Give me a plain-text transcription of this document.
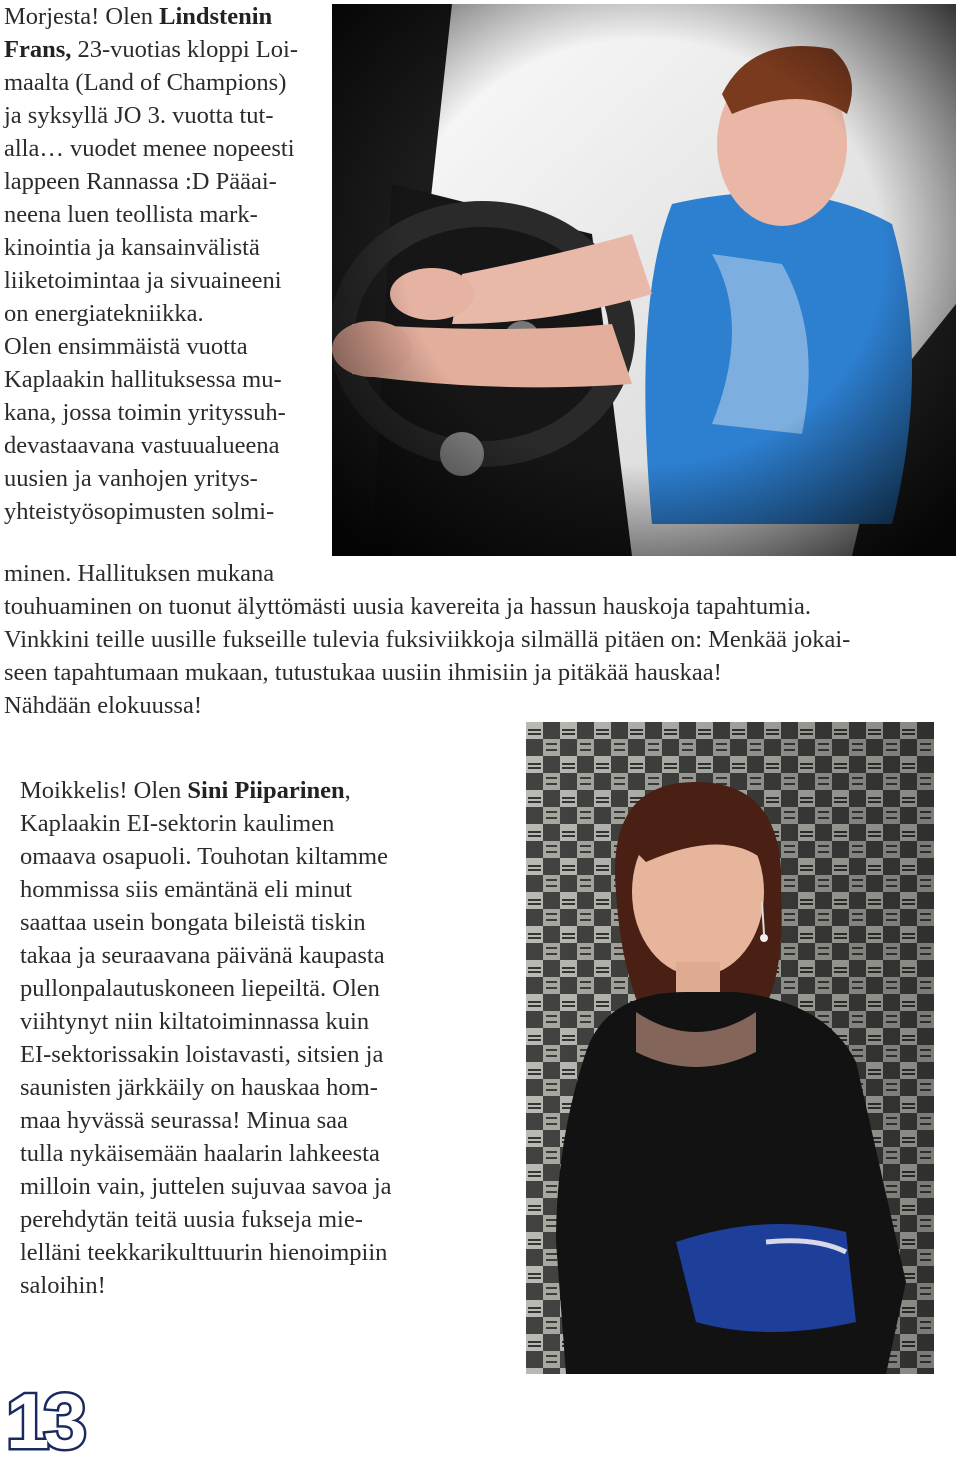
Morjesta! Olen Lindstenin
Frans, 23-vuotias kloppi Loi-
maalta (Land of Champions)
ja syksyllä JO 3. vuotta tut-
alla… vuodet menee nopeesti
lappeen Rannassa :D Pääai-
neena luen teollista mark-
kinointia ja kansainvälistä
liiketoimintaa ja sivuaineeni
on energiatekniikka.
Olen ensimmäistä vuotta
Kaplaakin hallituksessa mu-
kana, jossa toimin yrityssuh-
devastaavana vastuualueena
uusien ja vanhojen yritys-
yhteistyösopimusten solmi-
minen. Hallituksen mukana
touhuaminen on tuonut älyttömästi uusia kavereita ja hassun hauskoja tapahtumia.
Vinkkini teille uusille fukseille tulevia fuksiviikkoja silmällä pitäen on: Menkää jokai-
seen tapahtumaan mukaan, tutustukaa uusiin ihmisiin ja pitäkää hauskaa!
Nähdään elokuussa!
Moikkelis! Olen Sini Piiparinen,
Kaplaakin EI-sektorin kaulimen
omaava osapuoli. Touhotan kiltamme
hommissa siis emäntänä eli minut
saattaa usein bongata bileistä tiskin
takaa ja seuraavana päivänä kaupasta
pullonpalautuskoneen liepeiltä. Olen
viihtynyt niin kiltatoiminnassa kuin
EI-sektorissakin loistavasti, sitsien ja
saunisten järkkäily on hauskaa hom-
maa hyvässä seurassa! Minua saa
tulla nykäisemään haalarin lahkeesta
milloin vain, juttelen sujuvaa savoa ja
perehdytän teitä uusia fukseja mie-
lelläni teekkarikulttuurin hienoimpiin
saloihin!
13
